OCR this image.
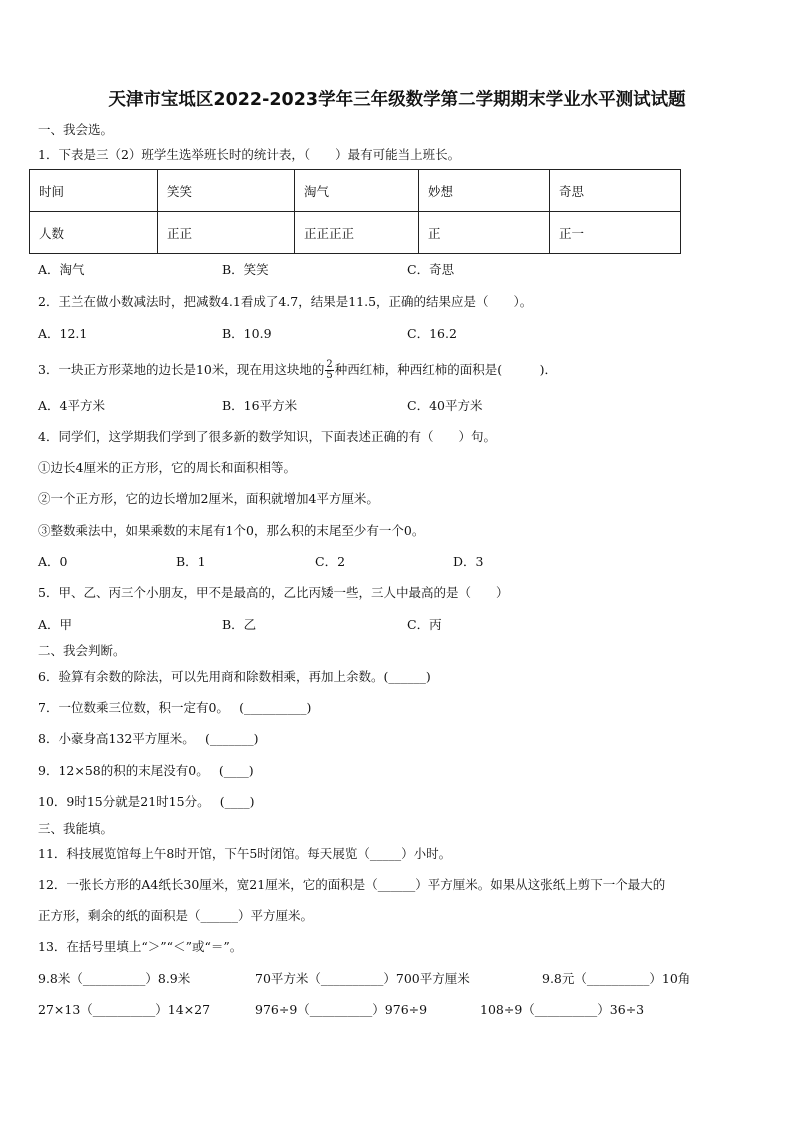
天津市宝坻区2022-2023学年三年级数学第二学期期末学业水平测试试题
一、我会选。
1．下表是三（2）班学生选举班长时的统计表，（　　）最有可能当上班长。
时间	笑笑	淘气	妙想	奇思
人数	正正	正正正正	正	正一
A．淘气	B．笑笑	C．奇思
2．王兰在做小数减法时，把减数4.1看成了4.7，结果是11.5，正确的结果应是（　　）。
A．12.1	B．10.9	C．16.2
3．一块正方形菜地的边长是10米，现在用这块地的 $\frac{2}{5}$ 种西红柿，种西红柿的面积是(　　　)．
A．4平方米	B．16平方米	C．40平方米
4．同学们，这学期我们学到了很多新的数学知识，下面表述正确的有（　　）句。
①边长4厘米的正方形，它的周长和面积相等。
②一个正方形，它的边长增加2厘米，面积就增加4平方厘米。
③整数乘法中，如果乘数的末尾有1个0，那么积的末尾至少有一个0。
A．0	B．1	C．2	D．3
5．甲、乙、丙三个小朋友，甲不是最高的，乙比丙矮一些，三人中最高的是（　　）
A．甲	B．乙	C．丙
二、我会判断。
6．验算有余数的除法，可以先用商和除数相乘，再加上余数。(______)
7．一位数乘三位数，积一定有0。　 (__________)
8．小豪身高132平方厘米。　 (_______)
9．12×58的积的末尾没有0。　 (____)
10．9时15分就是21时15分。　 (____)
三、我能填。
11．科技展览馆每上午8时开馆，下午5时闭馆。每天展览（_____）小时。
12．一张长方形的A4纸长30厘米，宽21厘米，它的面积是（______）平方厘米。如果从这张纸上剪下一个最大的
正方形，剩余的纸的面积是（______）平方厘米。
13．在括号里填上“＞”“＜”或“＝”。
9.8米（__________）8.9米	70平方米（__________）700平方厘米	9.8元（__________）10角
27×13（__________）14×27	976÷9（__________）976÷9	108÷9（__________）36÷3
